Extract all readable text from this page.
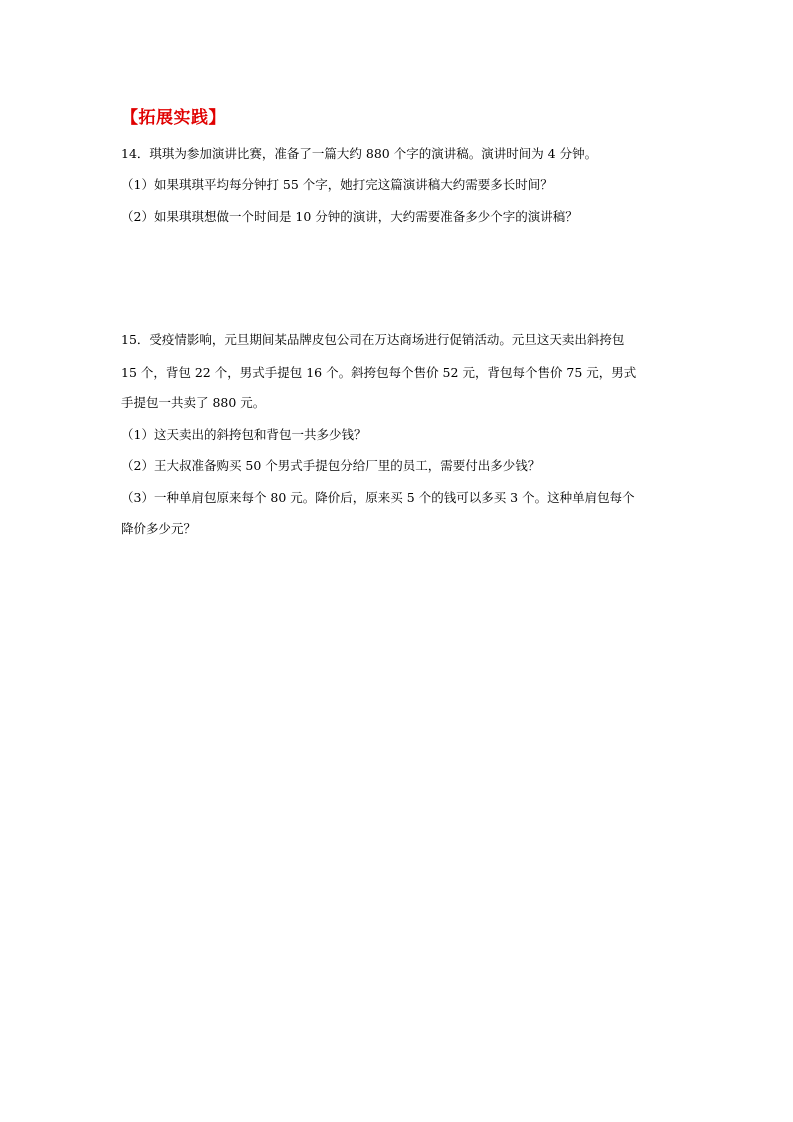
【拓展实践】
14．琪琪为参加演讲比赛，准备了一篇大约 880 个字的演讲稿。演讲时间为 4 分钟。
（1）如果琪琪平均每分钟打 55 个字，她打完这篇演讲稿大约需要多长时间？
（2）如果琪琪想做一个时间是 10 分钟的演讲，大约需要准备多少个字的演讲稿？
15．受疫情影响，元旦期间某品牌皮包公司在万达商场进行促销活动。元旦这天卖出斜挎包
15 个，背包 22 个，男式手提包 16 个。斜挎包每个售价 52 元，背包每个售价 75 元，男式
手提包一共卖了 880 元。
（1）这天卖出的斜挎包和背包一共多少钱？
（2）王大叔准备购买 50 个男式手提包分给厂里的员工，需要付出多少钱？
（3）一种单肩包原来每个 80 元。降价后，原来买 5 个的钱可以多买 3 个。这种单肩包每个
降价多少元？
